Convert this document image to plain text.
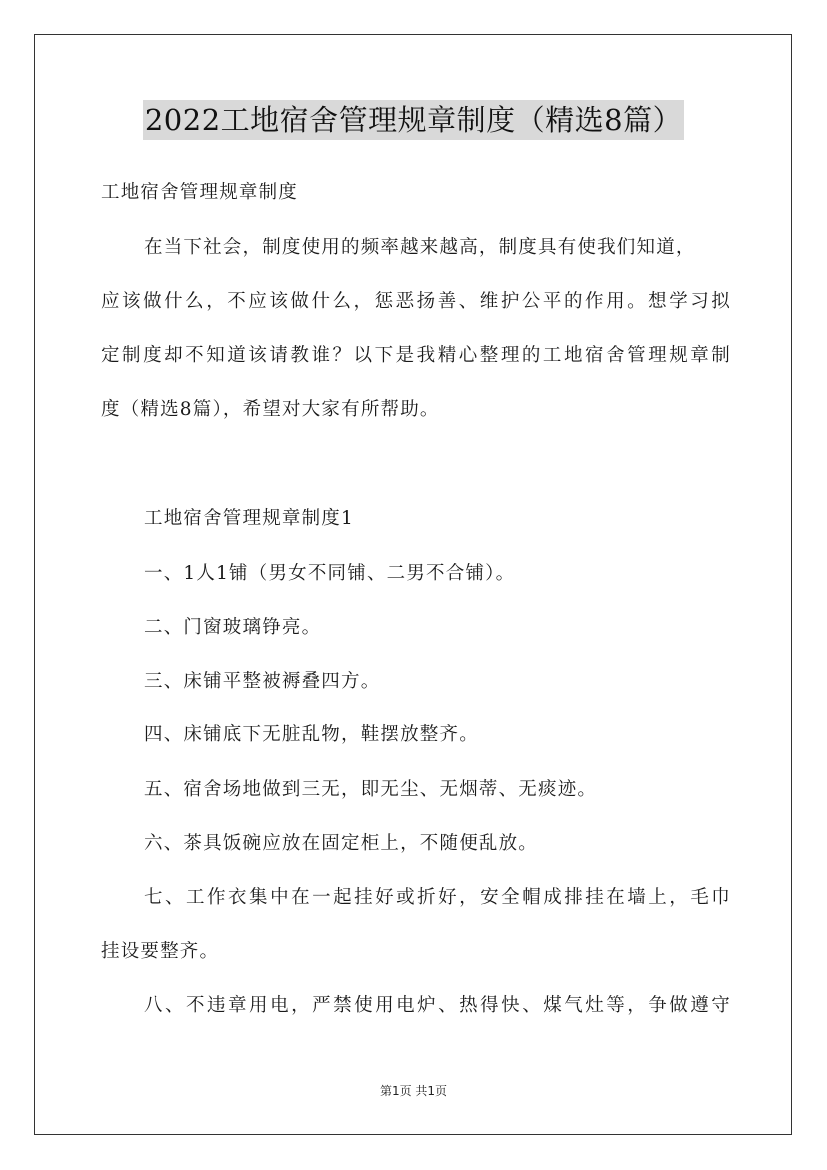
2022工地宿舍管理规章制度（精选8篇）
工地宿舍管理规章制度
在当下社会，制度使用的频率越来越高，制度具有使我们知道，
应该做什么，不应该做什么，惩恶扬善、维护公平的作用。想学习拟
定制度却不知道该请教谁？以下是我精心整理的工地宿舍管理规章制
度（精选8篇），希望对大家有所帮助。
工地宿舍管理规章制度1
一、1人1铺（男女不同铺、二男不合铺）。
二、门窗玻璃铮亮。
三、床铺平整被褥叠四方。
四、床铺底下无脏乱物，鞋摆放整齐。
五、宿舍场地做到三无，即无尘、无烟蒂、无痰迹。
六、茶具饭碗应放在固定柜上，不随便乱放。
七、工作衣集中在一起挂好或折好，安全帽成排挂在墙上，毛巾
挂设要整齐。
八、不违章用电，严禁使用电炉、热得快、煤气灶等，争做遵守
第1页 共1页
